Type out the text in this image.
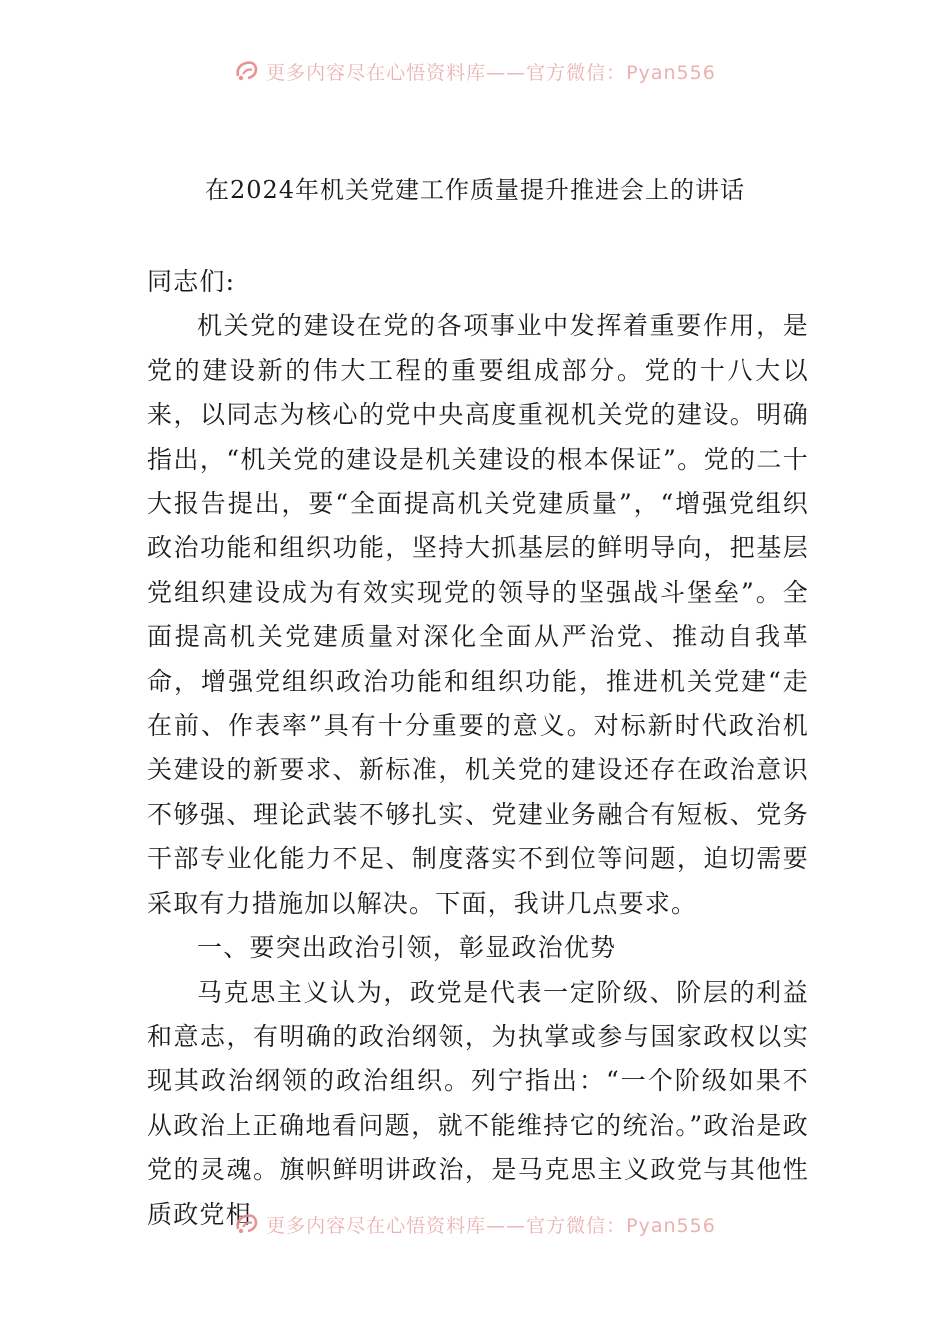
更多内容尽在心悟资料库——官方微信：Pyan556
在2024年机关党建工作质量提升推进会上的讲话

同志们:

机关党的建设在党的各项事业中发挥着重要作用，是党的建设新的伟大工程的重要组成部分。党的十八大以来，以同志为核心的党中央高度重视机关党的建设。明确指出，“机关党的建设是机关建设的根本保证”。党的二十大报告提出，要“全面提高机关党建质量”，“增强党组织政治功能和组织功能，坚持大抓基层的鲜明导向，把基层党组织建设成为有效实现党的领导的坚强战斗堡垒”。全面提高机关党建质量对深化全面从严治党、推动自我革命，增强党组织政治功能和组织功能，推进机关党建“走在前、作表率”具有十分重要的意义。对标新时代政治机关建设的新要求、新标准，机关党的建设还存在政治意识不够强、理论武装不够扎实、党建业务融合有短板、党务干部专业化能力不足、制度落实不到位等问题，迫切需要采取有力措施加以解决。下面，我讲几点要求。

一、要突出政治引领，彰显政治优势

马克思主义认为，政党是代表一定阶级、阶层的利益和意志，有明确的政治纲领，为执掌或参与国家政权以实现其政治纲领的政治组织。列宁指出：“一个阶级如果不从政治上正确地看问题，就不能维持它的统治。”政治是政党的灵魂。旗帜鲜明讲政治，是马克思主义政党与其他性质政党相 更多内容尽在心悟资料库——官方微信：Pyan556
